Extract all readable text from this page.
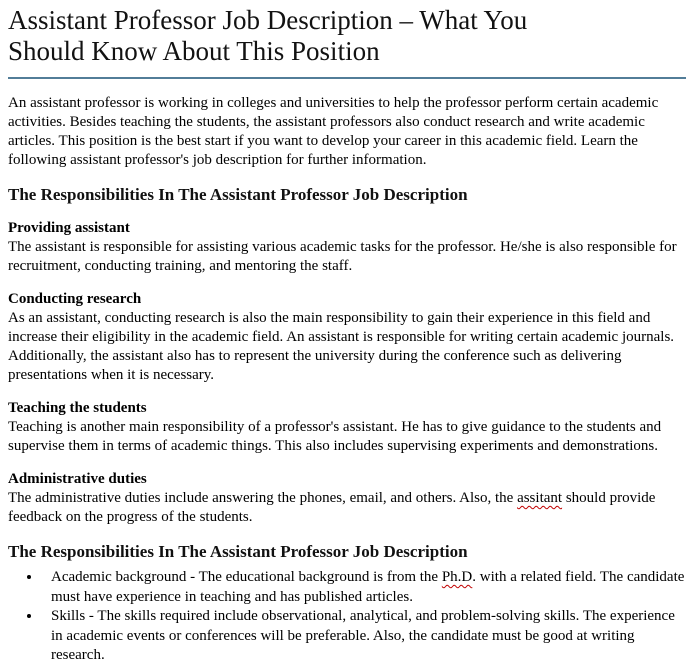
Assistant Professor Job Description – What You
Should Know About This Position

An assistant professor is working in colleges and universities to help the professor perform certain academic activities. Besides teaching the students, the assistant professors also conduct research and write academic articles. This position is the best start if you want to develop your career in this academic field. Learn the following assistant professor's job description for further information.

The Responsibilities In The Assistant Professor Job Description
Providing assistant

The assistant is responsible for assisting various academic tasks for the professor. He/she is also responsible for recruitment, conducting training, and mentoring the staff.

Conducting research

As an assistant, conducting research is also the main responsibility to gain their experience in this field and increase their eligibility in the academic field. An assistant is responsible for writing certain academic journals. Additionally, the assistant also has to represent the university during the conference such as delivering presentations when it is necessary.

Teaching the students

Teaching is another main responsibility of a professor's assistant. He has to give guidance to the students and supervise them in terms of academic things. This also includes supervising experiments and demonstrations.

Administrative duties

The administrative duties include answering the phones, email, and others. Also, the assitant should provide feedback on the progress of the students.

The Responsibilities In The Assistant Professor Job Description
• Academic background - The educational background is from the Ph.D. with a related field. The candidate must have experience in teaching and has published articles.
• Skills - The skills required include observational, analytical, and problem-solving skills. The experience in academic events or conferences will be preferable. Also, the candidate must be good at writing research.
